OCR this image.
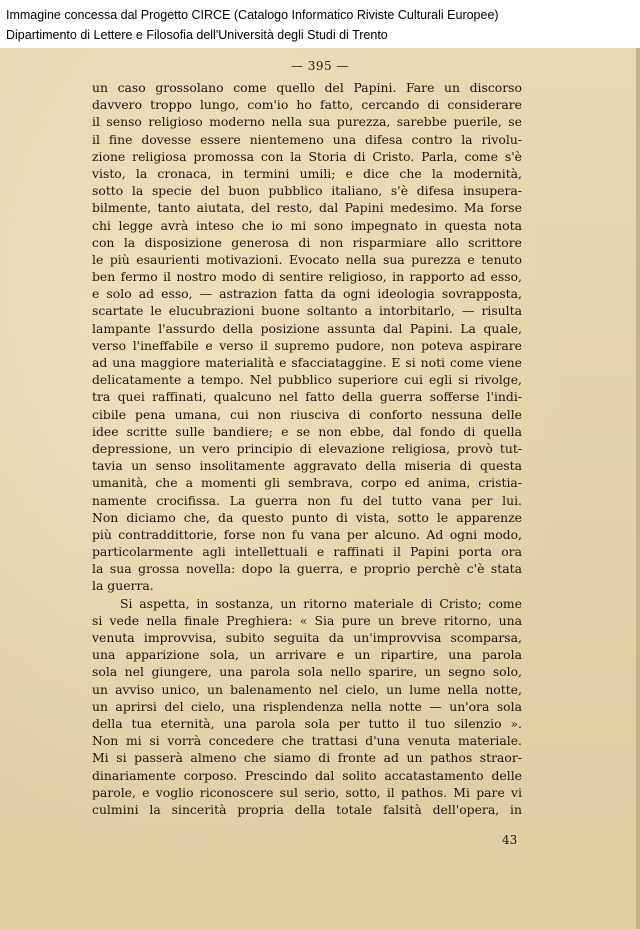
Immagine concessa dal Progetto CIRCE (Catalogo Informatico Riviste Culturali Europee)
Dipartimento di Lettere e Filosofia dell'Università degli Studi di Trento
— 395 —
un caso grossolano come quello del Papini. Fare un discorso
davvero troppo lungo, com'io ho fatto, cercando di considerare
il senso religioso moderno nella sua purezza, sarebbe puerile, se
il fine dovesse essere nientemeno una difesa contro la rivolu-
zione religiosa promossa con la Storia di Cristo. Parla, come s'è
visto, la cronaca, in termini umili; e dice che la modernità,
sotto la specie del buon pubblico italiano, s'è difesa insupera-
bilmente, tanto aiutata, del resto, dal Papini medesimo. Ma forse
chi legge avrà inteso che io mi sono impegnato in questa nota
con la disposizione generosa di non risparmiare allo scrittore
le più esaurienti motivazioni. Evocato nella sua purezza e tenuto
ben fermo il nostro modo di sentire religioso, in rapporto ad esso,
e solo ad esso, — astrazion fatta da ogni ideologia sovrapposta,
scartate le elucubrazioni buone soltanto a intorbitarlo, — risulta
lampante l'assurdo della posizione assunta dal Papini. La quale,
verso l'ineffabile e verso il supremo pudore, non poteva aspirare
ad una maggiore materialità e sfacciataggine. E si noti come viene
delicatamente a tempo. Nel pubblico superiore cui egli si rivolge,
tra quei raffinati, qualcuno nel fatto della guerra sofferse l'indi-
cibile pena umana, cui non riusciva di conforto nessuna delle
idee scritte sulle bandiere; e se non ebbe, dal fondo di quella
depressione, un vero principio di elevazione religiosa, provò tut-
tavia un senso insolitamente aggravato della miseria di questa
umanità, che a momenti gli sembrava, corpo ed anima, cristia-
namente crocifissa. La guerra non fu del tutto vana per lui.
Non diciamo che, da questo punto di vista, sotto le apparenze
più contraddittorie, forse non fu vana per alcuno. Ad ogni modo,
particolarmente agli intellettuali e raffinati il Papini porta ora
la sua grossa novella: dopo la guerra, e proprio perchè c'è stata
la guerra.
Si aspetta, in sostanza, un ritorno materiale di Cristo; come
si vede nella finale Preghiera: « Sia pure un breve ritorno, una
venuta improvvisa, subito seguita da un'improvvisa scomparsa,
una apparizione sola, un arrivare e un ripartire, una parola
sola nel giungere, una parola sola nello sparire, un segno solo,
un avviso unico, un balenamento nel cielo, un lume nella notte,
un aprirsi del cielo, una risplendenza nella notte — un'ora sola
della tua eternità, una parola sola per tutto il tuo silenzio ».
Non mi si vorrà concedere che trattasi d'una venuta materiale.
Mi si passerà almeno che siamo di fronte ad un pathos straor-
dinariamente corposo. Prescindo dal solito accatastamento delle
parole, e voglio riconoscere sul serio, sotto, il pathos. Mi pare vi
culmini la sincerità propria della totale falsità dell'opera, in
43
